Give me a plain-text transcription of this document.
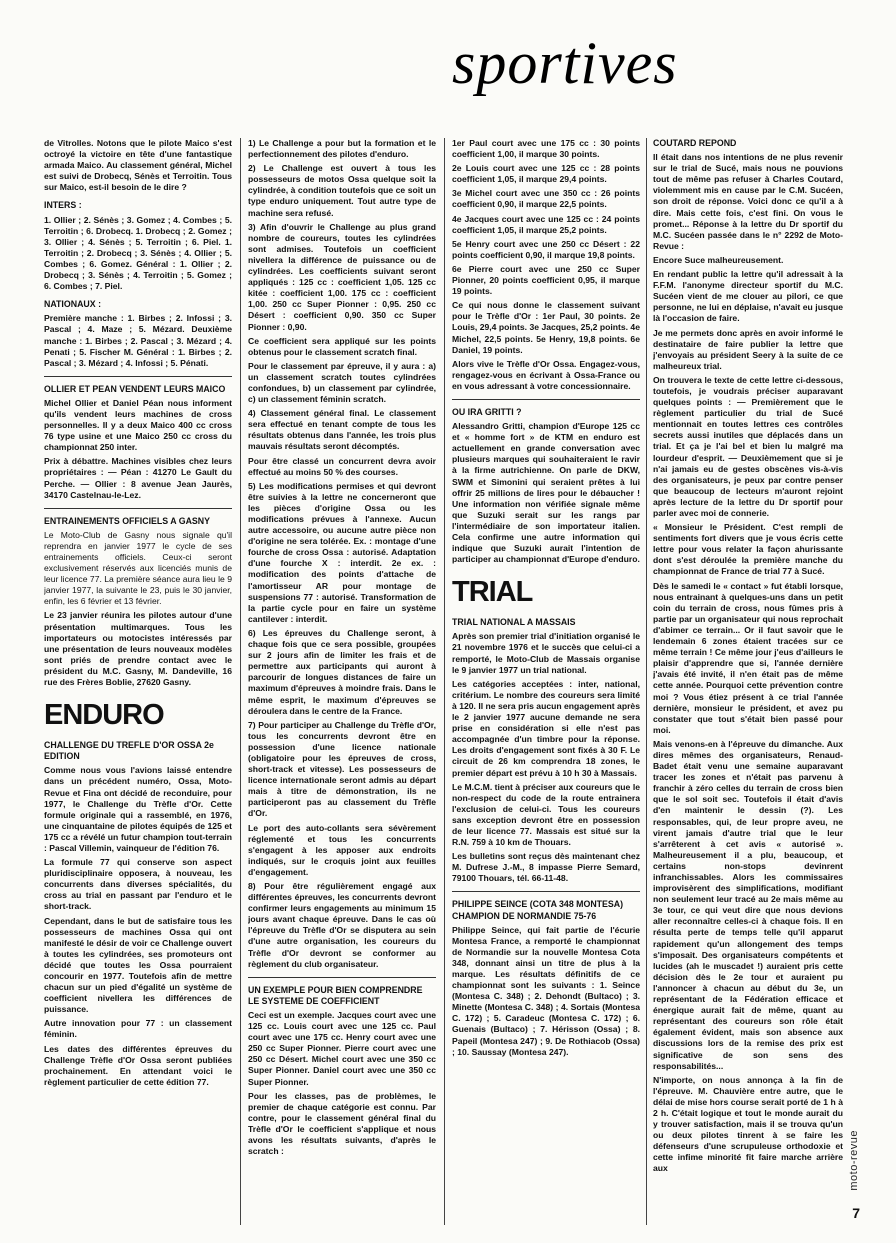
sportives

de Vitrolles. Notons que le pilote Maico s'est octroyé la victoire en tête d'une fantastique armada Maico. Au classement général, Michel est suivi de Drobecq, Sénès et Terroitin. Tous sur Maico, est-il besoin de le dire ?

INTERS :

1. Ollier ; 2. Sénès ; 3. Gomez ; 4. Combes ; 5. Terroitin ; 6. Drobecq. 1. Drobecq ; 2. Gomez ; 3. Ollier ; 4. Sénès ; 5. Terroitin ; 6. Piel. 1. Terroitin ; 2. Drobecq ; 3. Sénès ; 4. Ollier ; 5. Combes ; 6. Gomez. Général : 1. Ollier ; 2. Drobecq ; 3. Sénès ; 4. Terroitin ; 5. Gomez ; 6. Combes ; 7. Piel.

NATIONAUX :

Première manche : 1. Birbes ; 2. Infossi ; 3. Pascal ; 4. Maze ; 5. Mézard. Deuxième manche : 1. Birbes ; 2. Pascal ; 3. Mézard ; 4. Penati ; 5. Fischer M. Général : 1. Birbes ; 2. Pascal ; 3. Mézard ; 4. Infossi ; 5. Pénati.

OLLIER ET PEAN VENDENT LEURS MAICO

Michel Ollier et Daniel Péan nous informent qu'ils vendent leurs machines de cross personnelles. Il y a deux Maico 400 cc cross 76 type usine et une Maico 250 cc cross du championnat 250 inter.

Prix à débattre. Machines visibles chez leurs propriétaires : — Péan : 41270 Le Gault du Perche. — Ollier : 8 avenue Jean Jaurès, 34170 Castelnau-le-Lez.

ENTRAINEMENTS OFFICIELS A GASNY

Le Moto-Club de Gasny nous signale qu'il reprendra en janvier 1977 le cycle de ses entrainements officiels. Ceux-ci seront exclusivement réservés aux licenciés munis de leur licence 77. La première séance aura lieu le 9 janvier 1977, la suivante le 23, puis le 30 janvier, enfin, les 6 février et 13 février.

Le 23 janvier réunira les pilotes autour d'une présentation multimarques. Tous les importateurs ou motocistes intéressés par une présentation de leurs nouveaux modèles sont priés de prendre contact avec le président du M.C. Gasny, M. Dandeville, 16 rue des Frères Boblie, 27620 Gasny.

ENDURO
CHALLENGE DU TREFLE D'OR OSSA 2e EDITION

Comme nous vous l'avions laissé entendre dans un précédent numéro, Ossa, Moto-Revue et Fina ont décidé de reconduire, pour 1977, le Challenge du Trèfle d'Or. Cette formule originale qui a rassemblé, en 1976, une cinquantaine de pilotes équipés de 125 et 175 cc a révélé un futur champion tout-terrain : Pascal Villemin, vainqueur de l'édition 76.

La formule 77 qui conserve son aspect pluridisciplinaire opposera, à nouveau, les concurrents dans diverses spécialités, du cross au trial en passant par l'enduro et le short-track.

Cependant, dans le but de satisfaire tous les possesseurs de machines Ossa qui ont manifesté le désir de voir ce Challenge ouvert à toutes les cylindrées, ses promoteurs ont décidé que toutes les Ossa pourraient concourir en 1977. Toutefois afin de mettre chacun sur un pied d'égalité un système de coefficient nivellera les différences de puissance.

Autre innovation pour 77 : un classement féminin.

Les dates des différentes épreuves du Challenge Trèfle d'Or Ossa seront publiées prochainement. En attendant voici le règlement particulier de cette édition 77.

1) Le Challenge a pour but la formation et le perfectionnement des pilotes d'enduro.

2) Le Challenge est ouvert à tous les possesseurs de motos Ossa quelque soit la cylindrée, à condition toutefois que ce soit un type enduro uniquement. Tout autre type de machine sera refusé.

3) Afin d'ouvrir le Challenge au plus grand nombre de coureurs, toutes les cylindrées sont admises. Toutefois un coefficient nivellera la différence de puissance ou de cylindrées. Les coefficients suivant seront appliqués : 125 cc : coefficient 1,05. 125 cc kitée : coefficient 1,00. 175 cc : coefficient 1,00. 250 cc Super Pionner : 0,95. 250 cc Désert : coefficient 0,90. 350 cc Super Pionner : 0,90.

Ce coefficient sera appliqué sur les points obtenus pour le classement scratch final.

Pour le classement par épreuve, il y aura : a) un classement scratch toutes cylindrées confondues, b) un classement par cylindrée, c) un classement féminin scratch.

4) Classement général final. Le classement sera effectué en tenant compte de tous les résultats obtenus dans l'année, les trois plus mauvais résultats seront décomptés.

Pour être classé un concurrent devra avoir effectué au moins 50 % des courses.

5) Les modifications permises et qui devront être suivies à la lettre ne concerneront que les pièces d'origine Ossa ou les modifications prévues à l'annexe. Aucun autre accessoire, ou aucune autre pièce non d'origine ne sera tolérée. Ex. : montage d'une fourche de cross Ossa : autorisé. Adaptation d'une fourche X : interdit. 2e ex. : modification des points d'attache de l'amortisseur AR pour montage de suspensions 77 : autorisé. Transformation de la partie cycle pour en faire un système cantilever : interdit.

6) Les épreuves du Challenge seront, à chaque fois que ce sera possible, groupées sur 2 jours afin de limiter les frais et de permettre aux participants qui auront à parcourir de longues distances de faire un maximum d'épreuves à moindre frais. Dans le même esprit, le maximum d'épreuves se déroulera dans le centre de la France.

7) Pour participer au Challenge du Trèfle d'Or, tous les concurrents devront être en possession d'une licence nationale (obligatoire pour les épreuves de cross, short-track et vitesse). Les possesseurs de licence internationale seront admis au départ mais à titre de démonstration, ils ne participeront pas au classement du Trèfle d'Or.

Le port des auto-collants sera sévèrement réglementé et tous les concurrents s'engagent à les apposer aux endroits indiqués, sur le croquis joint aux feuilles d'engagement.

8) Pour être régulièrement engagé aux différentes épreuves, les concurrents devront confirmer leurs engagements au minimum 15 jours avant chaque épreuve. Dans le cas où l'épreuve du Trèfle d'Or se disputera au sein d'une autre organisation, les coureurs du Trèfle d'Or devront se conformer au règlement du club organisateur.

UN EXEMPLE POUR BIEN COMPRENDRE LE SYSTEME DE COEFFICIENT

Ceci est un exemple. Jacques court avec une 125 cc. Louis court avec une 125 cc. Paul court avec une 175 cc. Henry court avec une 250 cc Super Pionner. Pierre court avec une 250 cc Désert. Michel court avec une 350 cc Super Pionner. Daniel court avec une 350 cc Super Pionner.

Pour les classes, pas de problèmes, le premier de chaque catégorie est connu. Par contre, pour le classement général final du Trèfle d'Or le coefficient s'applique et nous avons les résultats suivants, d'après le scratch :

1er Paul court avec une 175 cc : 30 points coefficient 1,00, il marque 30 points.

2e Louis court avec une 125 cc : 28 points coefficient 1,05, il marque 29,4 points.

3e Michel court avec une 350 cc : 26 points coefficient 0,90, il marque 22,5 points.

4e Jacques court avec une 125 cc : 24 points coefficient 1,05, il marque 25,2 points.

5e Henry court avec une 250 cc Désert : 22 points coefficient 0,90, il marque 19,8 points.

6e Pierre court avec une 250 cc Super Pionner, 20 points coefficient 0,95, il marque 19 points.

Ce qui nous donne le classement suivant pour le Trèfle d'Or : 1er Paul, 30 points. 2e Louis, 29,4 points. 3e Jacques, 25,2 points. 4e Michel, 22,5 points. 5e Henry, 19,8 points. 6e Daniel, 19 points.

Alors vive le Trèfle d'Or Ossa. Engagez-vous, rengagez-vous en écrivant à Ossa-France ou en vous adressant à votre concessionnaire.

OU IRA GRITTI ?

Alessandro Gritti, champion d'Europe 125 cc et « homme fort » de KTM en enduro est actuellement en grande conversation avec plusieurs marques qui souhaiteraient le ravir à la firme autrichienne. On parle de DKW, SWM et Simonini qui seraient prêtes à lui offrir 25 millions de lires pour le débaucher ! Une information non vérifiée signale même que Suzuki serait sur les rangs par l'intermédiaire de son importateur italien. Cela confirme une autre information qui indique que Suzuki aurait l'intention de participer au championnat d'Europe d'enduro.

TRIAL
TRIAL NATIONAL A MASSAIS

Après son premier trial d'initiation organisé le 21 novembre 1976 et le succès que celui-ci a remporté, le Moto-Club de Massais organise le 9 janvier 1977 un trial national.

Les catégories acceptées : inter, national, critérium. Le nombre des coureurs sera limité à 120. Il ne sera pris aucun engagement après le 2 janvier 1977 aucune demande ne sera prise en considération si elle n'est pas accompagnée d'un timbre pour la réponse. Les droits d'engagement sont fixés à 30 F. Le circuit de 26 km comprendra 18 zones, le premier départ est prévu à 10 h 30 à Massais.

Le M.C.M. tient à préciser aux coureurs que le non-respect du code de la route entrainera l'exclusion de celui-ci. Tous les coureurs sans exception devront être en possession de leur licence 77. Massais est situé sur la R.N. 759 à 10 km de Thouars.

Les bulletins sont reçus dès maintenant chez M. Dufrese J.-M., 8 impasse Pierre Semard, 79100 Thouars, tél. 66-11-48.

PHILIPPE SEINCE (COTA 348 MONTESA) CHAMPION DE NORMANDIE 75-76

Philippe Seince, qui fait partie de l'écurie Montesa France, a remporté le championnat de Normandie sur la nouvelle Montesa Cota 348, donnant ainsi un titre de plus à la marque. Les résultats définitifs de ce championnat sont les suivants : 1. Seince (Montesa C. 348) ; 2. Dehondt (Bultaco) ; 3. Minette (Montesa C. 348) ; 4. Sortais (Montesa C. 172) ; 5. Caradeuc (Montesa C. 172) ; 6. Guenais (Bultaco) ; 7. Hérisson (Ossa) ; 8. Papeil (Montesa 247) ; 9. De Rothiacob (Ossa) ; 10. Saussay (Montesa 247).

COUTARD REPOND

Il était dans nos intentions de ne plus revenir sur le trial de Sucé, mais nous ne pouvions tout de même pas refuser à Charles Coutard, violemment mis en cause par le C.M. Sucéen, son droit de réponse. Voici donc ce qu'il a à dire. Mais cette fois, c'est fini. On vous le promet... Réponse à la lettre du Dr sportif du M.C. Sucéen passée dans le n° 2292 de Moto-Revue :

Encore Suce malheureusement.

En rendant public la lettre qu'il adressait à la F.F.M. l'anonyme directeur sportif du M.C. Sucéen vient de me clouer au pilori, ce que personne, ne lui en déplaise, n'avait eu jusque là l'occasion de faire.

Je me permets donc après en avoir informé le destinataire de faire publier la lettre que j'envoyais au président Seery à la suite de ce malheureux trial.

On trouvera le texte de cette lettre ci-dessous, toutefois, je voudrais préciser auparavant quelques points : — Premièrement que le règlement particulier du trial de Sucé mentionnait en toutes lettres ces contrôles secrets aussi inutiles que déplacés dans un trial. Et ça je l'ai bel et bien lu malgré ma lourdeur d'esprit. — Deuxièmement que si je n'ai jamais eu de gestes obscènes vis-à-vis des organisateurs, je peux par contre penser que beaucoup de lecteurs m'auront rejoint après lecture de la lettre du Dr sportif pour parler avec moi de connerie.

« Monsieur le Président. C'est rempli de sentiments fort divers que je vous écris cette lettre pour vous relater la façon ahurissante dont s'est déroulée la première manche du championnat de France de trial 77 à Sucé.

Dès le samedi le « contact » fut établi lorsque, nous entrainant à quelques-uns dans un petit coin du terrain de cross, nous fûmes pris à partie par un organisateur qui nous reprochait d'abimer ce terrain... Or il faut savoir que le lendemain 6 zones étaient tracées sur ce même terrain ! Ce même jour j'eus d'ailleurs le plaisir d'apprendre que si, l'année dernière j'avais été invité, il n'en était pas de même cette année. Pourquoi cette prévention contre moi ? Vous étiez présent à ce trial l'année dernière, monsieur le président, et avez pu constater que tout s'était bien passé pour moi.

Mais venons-en à l'épreuve du dimanche. Aux dires mêmes des organisateurs, Renaud-Badet était venu une semaine auparavant tracer les zones et n'était pas parvenu à franchir à zéro celles du terrain de cross bien que le sol soit sec. Toutefois il était d'avis d'en maintenir le dessin (?). Les responsables, qui, de leur propre aveu, ne virent jamais d'autre trial que le leur s'arrêterent à cet avis « autorisé ». Malheureusement il a plu, beaucoup, et certains non-stops devinrent infranchissables. Alors les commissaires improvisèrent des simplifications, modifiant non seulement leur tracé au 2e mais même au 3e tour, ce qui veut dire que nous devions aller reconnaître celles-ci à chaque fois. Il en résulta perte de temps telle qu'il apparut rapidement qu'un allongement des temps s'imposait. Des organisateurs compétents et lucides (ah le muscadet !) auraient pris cette décision dès le 2e tour et auraient pu l'annoncer à chacun au début du 3e, un représentant de la Fédération efficace et énergique aurait fait de même, quant au représentant des coureurs son rôle était également évident, mais son absence aux discussions lors de la remise des prix est significative de son sens des responsabilités...

N'importe, on nous annonça à la fin de l'épreuve. M. Chauvière entre autre, que le délai de mise hors course serait porté de 1 h à 2 h. C'était logique et tout le monde aurait du y trouver satisfaction, mais il se trouva qu'un ou deux pilotes tinrent à se faire les défenseurs d'une scrupuleuse orthodoxie et cette infime minorité fit faire marche arrière aux	moto-revue
7
